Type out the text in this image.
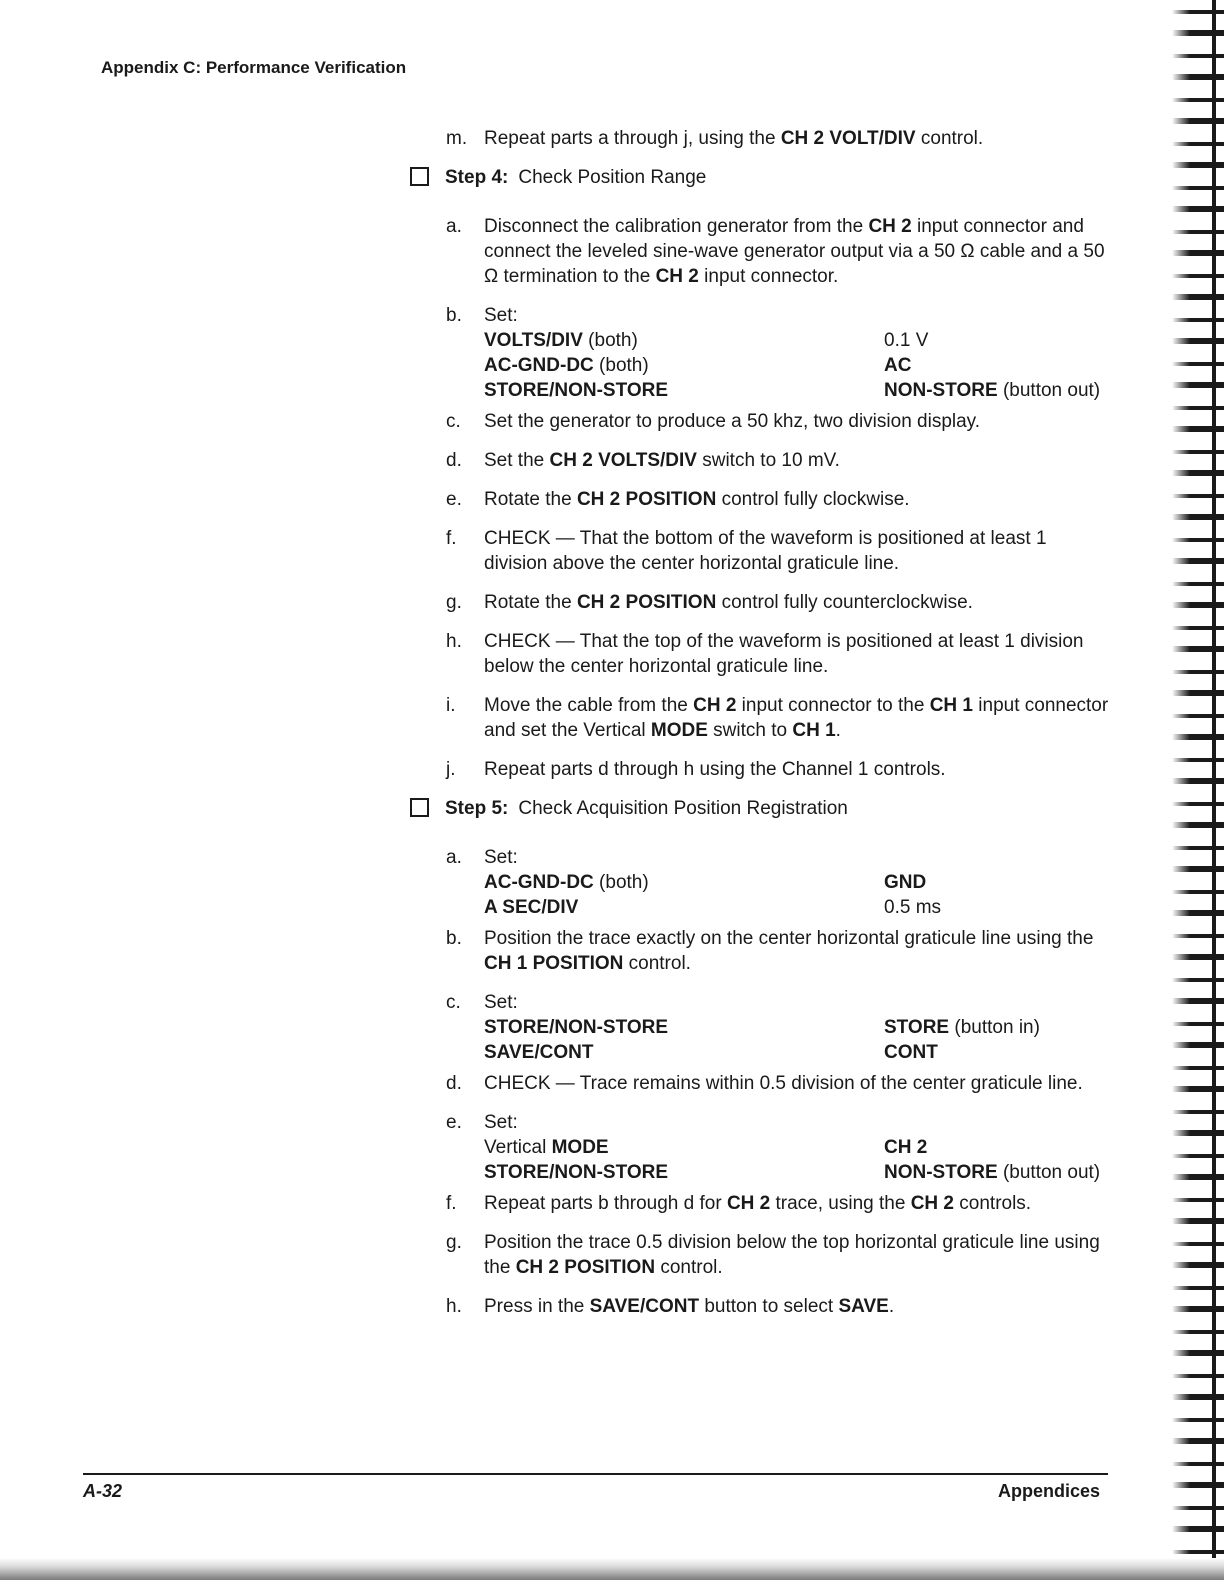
Appendix C: Performance Verification
m. Repeat parts a through j, using the CH 2 VOLT/DIV control.
Step 4: Check Position Range
a. Disconnect the calibration generator from the CH 2 input connector and connect the leveled sine-wave generator output via a 50 Ω cable and a 50 Ω termination to the CH 2 input connector.
b. Set:
VOLTS/DIV (both)	0.1 V
AC-GND-DC (both)	AC
STORE/NON-STORE	NON-STORE (button out)
c. Set the generator to produce a 50 khz, two division display.
d. Set the CH 2 VOLTS/DIV switch to 10 mV.
e. Rotate the CH 2 POSITION control fully clockwise.
f. CHECK — That the bottom of the waveform is positioned at least 1 division above the center horizontal graticule line.
g. Rotate the CH 2 POSITION control fully counterclockwise.
h. CHECK — That the top of the waveform is positioned at least 1 division below the center horizontal graticule line.
i. Move the cable from the CH 2 input connector to the CH 1 input connector and set the Vertical MODE switch to CH 1.
j. Repeat parts d through h using the Channel 1 controls.
Step 5: Check Acquisition Position Registration
a. Set:
AC-GND-DC (both)	GND
A SEC/DIV	0.5 ms
b. Position the trace exactly on the center horizontal graticule line using the CH 1 POSITION control.
c. Set:
STORE/NON-STORE	STORE (button in)
SAVE/CONT	CONT
d. CHECK — Trace remains within 0.5 division of the center graticule line.
e. Set:
Vertical MODE	CH 2
STORE/NON-STORE	NON-STORE (button out)
f. Repeat parts b through d for CH 2 trace, using the CH 2 controls.
g. Position the trace 0.5 division below the top horizontal graticule line using the CH 2 POSITION control.
h. Press in the SAVE/CONT button to select SAVE.
A-32	Appendices
